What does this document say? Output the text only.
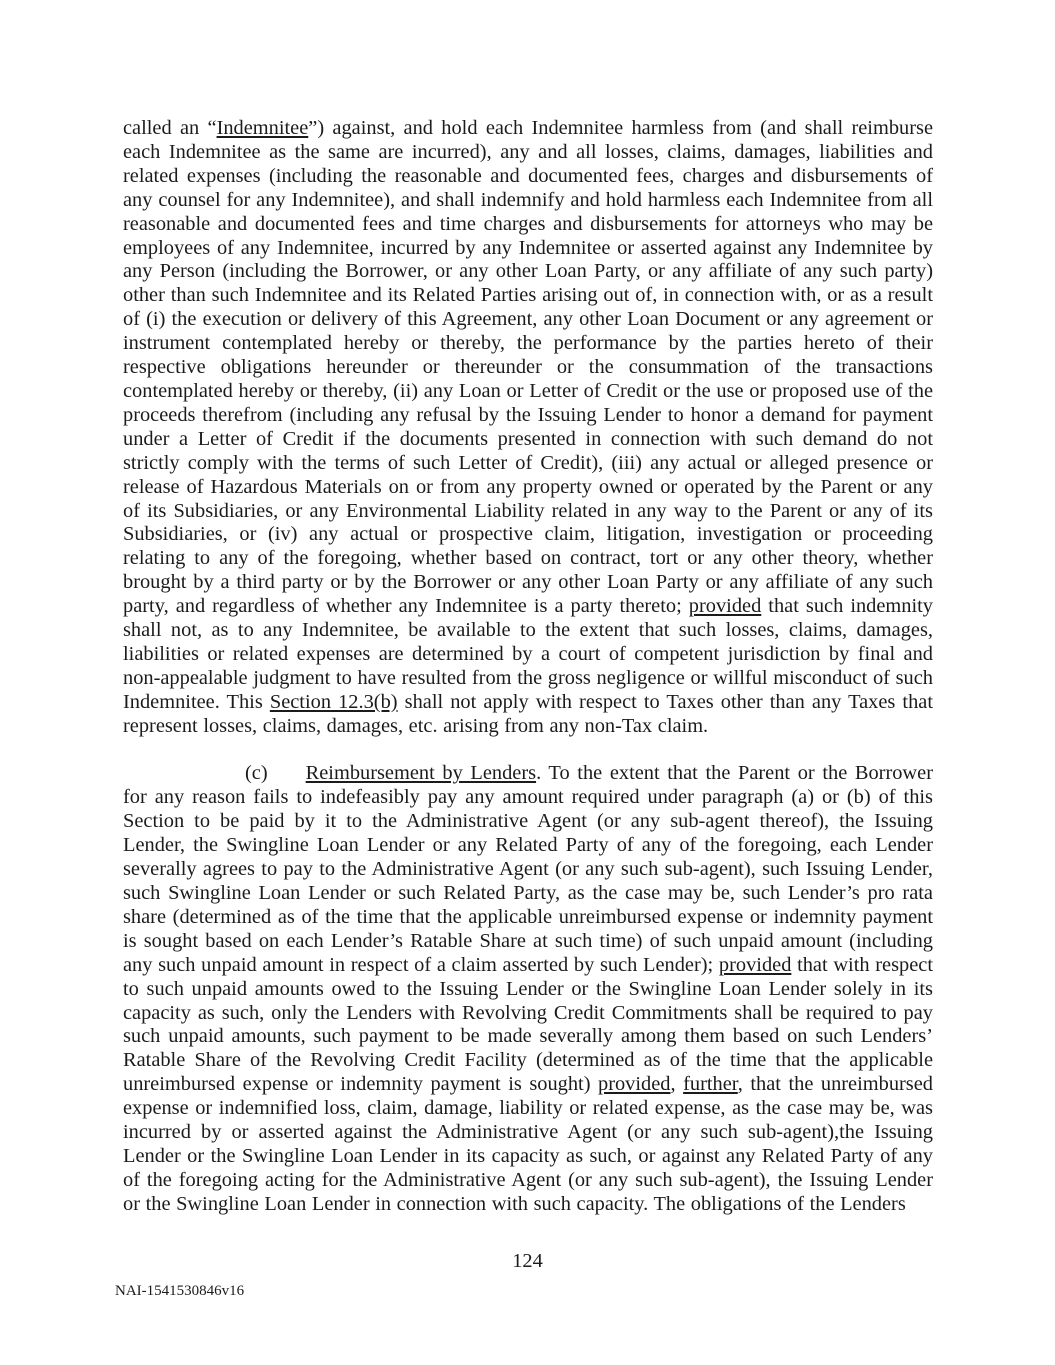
called an “Indemnitee”) against, and hold each Indemnitee harmless from (and shall reimburse each Indemnitee as the same are incurred), any and all losses, claims, damages, liabilities and related expenses (including the reasonable and documented fees, charges and disbursements of any counsel for any Indemnitee), and shall indemnify and hold harmless each Indemnitee from all reasonable and documented fees and time charges and disbursements for attorneys who may be employees of any Indemnitee, incurred by any Indemnitee or asserted against any Indemnitee by any Person (including the Borrower, or any other Loan Party, or any affiliate of any such party) other than such Indemnitee and its Related Parties arising out of, in connection with, or as a result of (i) the execution or delivery of this Agreement, any other Loan Document or any agreement or instrument contemplated hereby or thereby, the performance by the parties hereto of their respective obligations hereunder or thereunder or the consummation of the transactions contemplated hereby or thereby, (ii) any Loan or Letter of Credit or the use or proposed use of the proceeds therefrom (including any refusal by the Issuing Lender to honor a demand for payment under a Letter of Credit if the documents presented in connection with such demand do not strictly comply with the terms of such Letter of Credit), (iii) any actual or alleged presence or release of Hazardous Materials on or from any property owned or operated by the Parent or any of its Subsidiaries, or any Environmental Liability related in any way to the Parent or any of its Subsidiaries, or (iv) any actual or prospective claim, litigation, investigation or proceeding relating to any of the foregoing, whether based on contract, tort or any other theory, whether brought by a third party or by the Borrower or any other Loan Party or any affiliate of any such party, and regardless of whether any Indemnitee is a party thereto; provided that such indemnity shall not, as to any Indemnitee, be available to the extent that such losses, claims, damages, liabilities or related expenses are determined by a court of competent jurisdiction by final and non-appealable judgment to have resulted from the gross negligence or willful misconduct of such Indemnitee. This Section 12.3(b) shall not apply with respect to Taxes other than any Taxes that represent losses, claims, damages, etc. arising from any non-Tax claim.

(c) Reimbursement by Lenders. To the extent that the Parent or the Borrower for any reason fails to indefeasibly pay any amount required under paragraph (a) or (b) of this Section to be paid by it to the Administrative Agent (or any sub-agent thereof), the Issuing Lender, the Swingline Loan Lender or any Related Party of any of the foregoing, each Lender severally agrees to pay to the Administrative Agent (or any such sub-agent), such Issuing Lender, such Swingline Loan Lender or such Related Party, as the case may be, such Lender’s pro rata share (determined as of the time that the applicable unreimbursed expense or indemnity payment is sought based on each Lender’s Ratable Share at such time) of such unpaid amount (including any such unpaid amount in respect of a claim asserted by such Lender); provided that with respect to such unpaid amounts owed to the Issuing Lender or the Swingline Loan Lender solely in its capacity as such, only the Lenders with Revolving Credit Commitments shall be required to pay such unpaid amounts, such payment to be made severally among them based on such Lenders’ Ratable Share of the Revolving Credit Facility (determined as of the time that the applicable unreimbursed expense or indemnity payment is sought) provided, further, that the unreimbursed expense or indemnified loss, claim, damage, liability or related expense, as the case may be, was incurred by or asserted against the Administrative Agent (or any such sub-agent),the Issuing Lender or the Swingline Loan Lender in its capacity as such, or against any Related Party of any of the foregoing acting for the Administrative Agent (or any such sub-agent), the Issuing Lender or the Swingline Loan Lender in connection with such capacity. The obligations of the Lenders

124
NAI-1541530846v16
